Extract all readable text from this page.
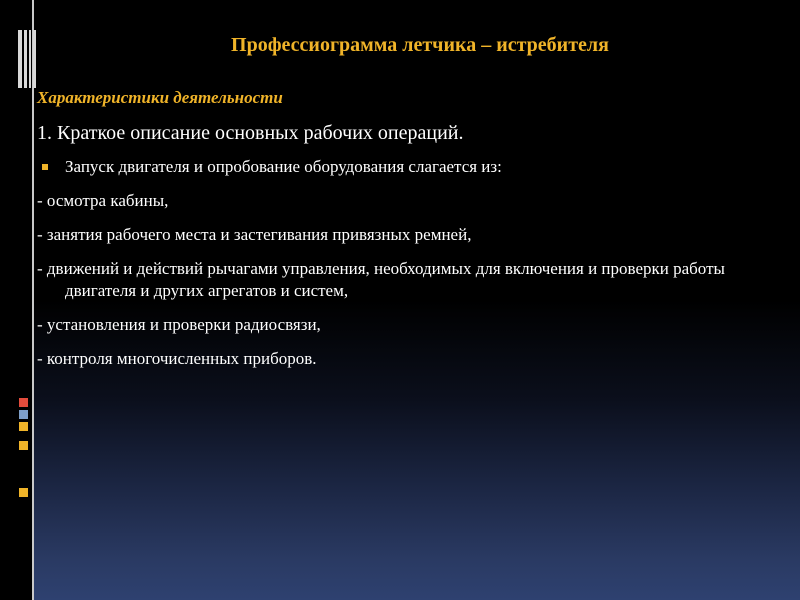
Профессиограмма летчика – истребителя

Характеристики деятельности

1. Краткое описание основных рабочих операций.

Запуск двигателя и опробование оборудования слагается из:

- осмотра кабины,

- занятия рабочего места и застегивания привязных ремней,

- движений и действий рычагами управления, необходимых для включения и проверки работы двигателя и других агрегатов и систем,

- установления и проверки радиосвязи,

- контроля многочисленных приборов.
